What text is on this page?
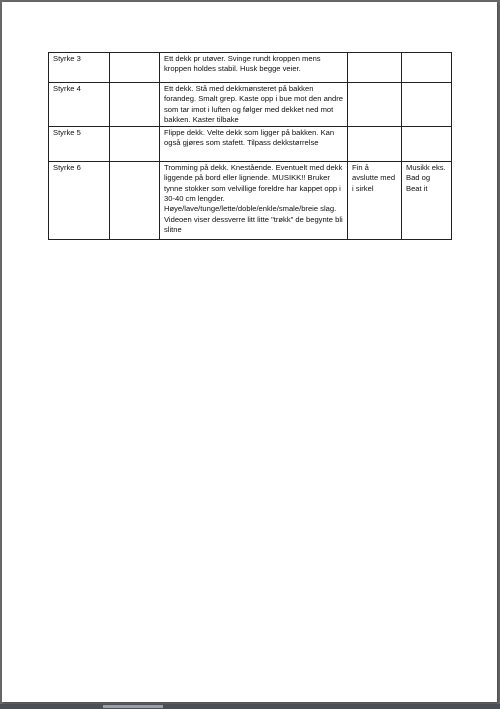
Styrke 3		Ett dekk pr utøver. Svinge rundt kroppen mens kroppen holdes stabil. Husk begge veier.		
Styrke 4		Ett dekk. Stå med dekkmønsteret på bakken forandeg. Smalt grep. Kaste opp i bue mot den andre som tar imot i luften og følger med dekket ned mot bakken. Kaster tilbake		
Styrke 5		Flippe dekk. Velte dekk som ligger på bakken. Kan også gjøres som stafett. Tilpass dekkstørrelse		
Styrke 6		Tromming på dekk. Knestående. Eventuelt med dekk liggende på bord eller lignende. MUSIKK!! Bruker tynne stokker som velvillige foreldre har kappet opp i 30-40 cm lengder. Høye/lave/tunge/lette/doble/enkle/smale/breie slag. Videoen viser dessverre litt litte "trøkk" de begynte bli slitne	Fin å avslutte med i sirkel	Musikk eks. Bad og Beat it
